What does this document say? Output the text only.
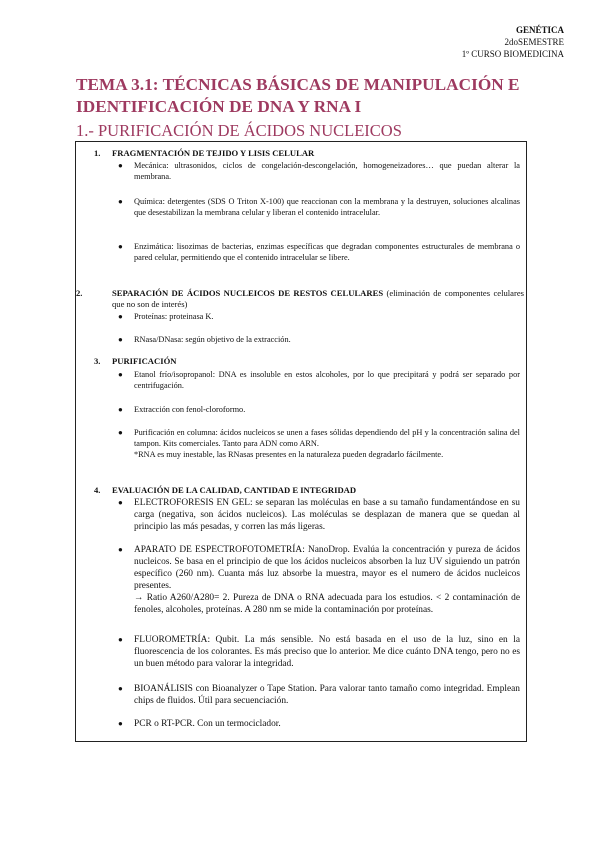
GENÉTICA
2doSEMESTRE
1º CURSO BIOMEDICINA
TEMA 3.1: TÉCNICAS BÁSICAS DE MANIPULACIÓN E IDENTIFICACIÓN DE DNA Y RNA I
1.- PURIFICACIÓN DE ÁCIDOS NUCLEICOS
1.	FRAGMENTACIÓN DE TEJIDO Y LISIS CELULAR
● Mecánica: ultrasonidos, ciclos de congelación-descongelación, homogeneizadores… que puedan alterar la membrana.
● Química: detergentes (SDS O Triton X-100) que reaccionan con la membrana y la destruyen, soluciones alcalinas que desestabilizan la membrana celular y liberan el contenido intracelular.
● Enzimática: lisozimas de bacterias, enzimas específicas que degradan componentes estructurales de membrana o pared celular, permitiendo que el contenido intracelular se libere.
2.	SEPARACIÓN DE ÁCIDOS NUCLEICOS DE RESTOS CELULARES (eliminación de componentes celulares que no son de interés)
● Proteínas: proteinasa K.
● RNasa/DNasa: según objetivo de la extracción.
3.	PURIFICACIÓN
● Etanol frío/isopropanol: DNA es insoluble en estos alcoholes, por lo que precipitará y podrá ser separado por centrifugación.
● Extracción con fenol-cloroformo.
● Purificación en columna: ácidos nucleicos se unen a fases sólidas dependiendo del pH y la concentración salina del tampon. Kits comerciales. Tanto para ADN como ARN.
*RNA es muy inestable, las RNasas presentes en la naturaleza pueden degradarlo fácilmente.
4.	EVALUACIÓN DE LA CALIDAD, CANTIDAD E INTEGRIDAD
● ELECTROFORESIS EN GEL: se separan las moléculas en base a su tamaño fundamentándose en su carga (negativa, son ácidos nucleicos). Las moléculas se desplazan de manera que se quedan al principio las más pesadas, y corren las más ligeras.
● APARATO DE ESPECTROFOTOMETRÍA: NanoDrop. Evalúa la concentración y pureza de ácidos nucleicos. Se basa en el principio de que los ácidos nucleicos absorben la luz UV siguiendo un patrón específico (260 nm). Cuanta más luz absorbe la muestra, mayor es el numero de ácidos nucleicos presentes.
→ Ratio A260/A280= 2. Pureza de DNA o RNA adecuada para los estudios. < 2 contaminación de fenoles, alcoholes, proteínas. A 280 nm se mide la contaminación por proteínas.
● FLUOROMETRÍA: Qubit. La más sensible. No está basada en el uso de la luz, sino en la fluorescencia de los colorantes. Es más preciso que lo anterior. Me dice cuánto DNA tengo, pero no es un buen método para valorar la integridad.
● BIOANÁLISIS con Bioanalyzer o Tape Station. Para valorar tanto tamaño como integridad. Emplean chips de fluidos. Útil para secuenciación.
● PCR o RT-PCR. Con un termociclador.
